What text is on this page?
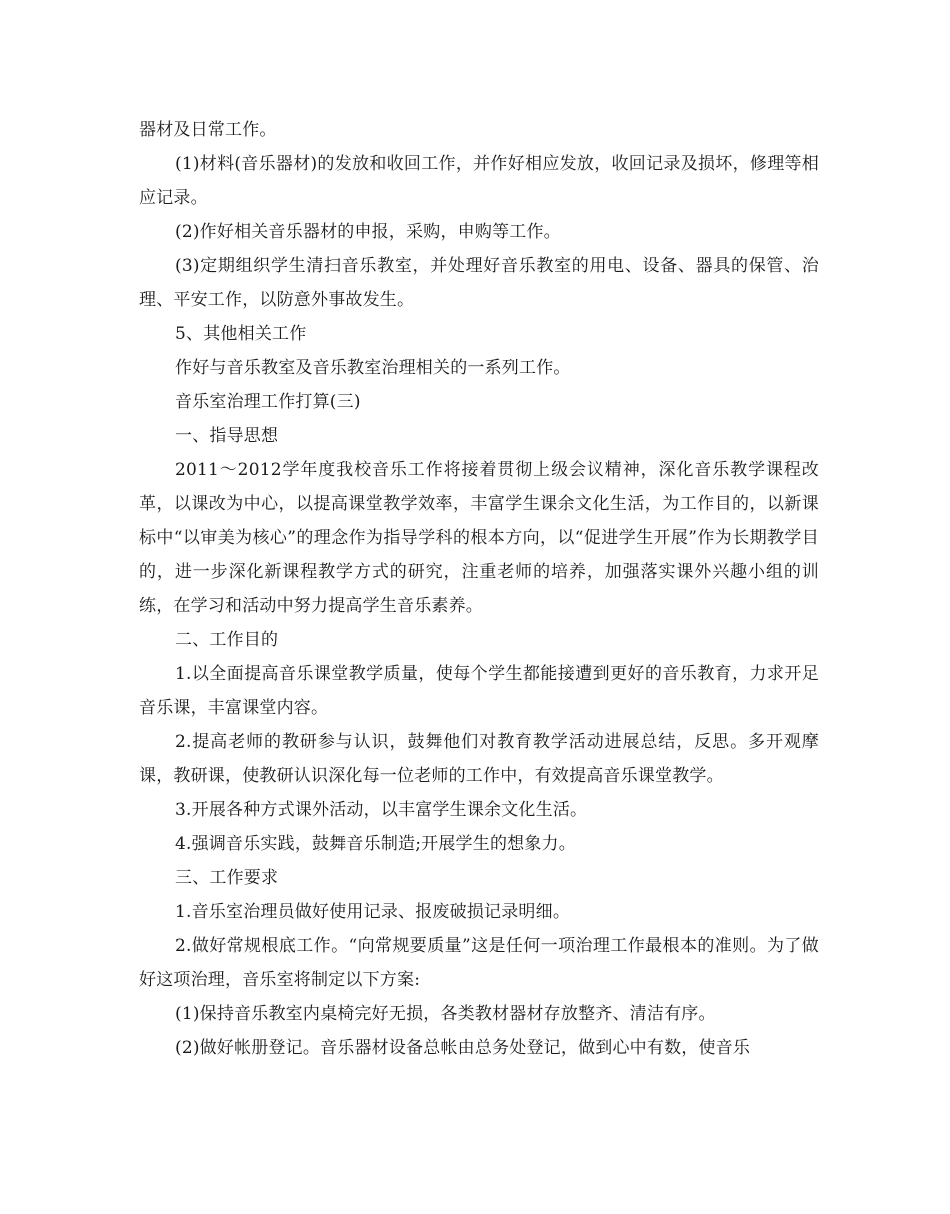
器材及日常工作。

(1)材料(音乐器材)的发放和收回工作，并作好相应发放，收回记录及损坏，修理等相应记录。

(2)作好相关音乐器材的申报，采购，申购等工作。

(3)定期组织学生清扫音乐教室，并处理好音乐教室的用电、设备、器具的保管、治理、平安工作，以防意外事故发生。

5、其他相关工作

作好与音乐教室及音乐教室治理相关的一系列工作。

音乐室治理工作打算(三)

一、指导思想

2011～2012学年度我校音乐工作将接着贯彻上级会议精神，深化音乐教学课程改革，以课改为中心，以提高课堂教学效率，丰富学生课余文化生活，为工作目的，以新课标中“以审美为核心”的理念作为指导学科的根本方向，以“促进学生开展”作为长期教学目的，进一步深化新课程教学方式的研究，注重老师的培养，加强落实课外兴趣小组的训练，在学习和活动中努力提高学生音乐素养。

二、工作目的

1.以全面提高音乐课堂教学质量，使每个学生都能接遭到更好的音乐教育，力求开足音乐课，丰富课堂内容。

2.提高老师的教研参与认识，鼓舞他们对教育教学活动进展总结，反思。多开观摩课，教研课，使教研认识深化每一位老师的工作中，有效提高音乐课堂教学。

3.开展各种方式课外活动，以丰富学生课余文化生活。

4.强调音乐实践，鼓舞音乐制造;开展学生的想象力。

三、工作要求

1.音乐室治理员做好使用记录、报废破损记录明细。

2.做好常规根底工作。“向常规要质量”这是任何一项治理工作最根本的准则。为了做好这项治理，音乐室将制定以下方案:

(1)保持音乐教室内桌椅完好无损，各类教材器材存放整齐、清洁有序。

(2)做好帐册登记。音乐器材设备总帐由总务处登记，做到心中有数，使音乐
